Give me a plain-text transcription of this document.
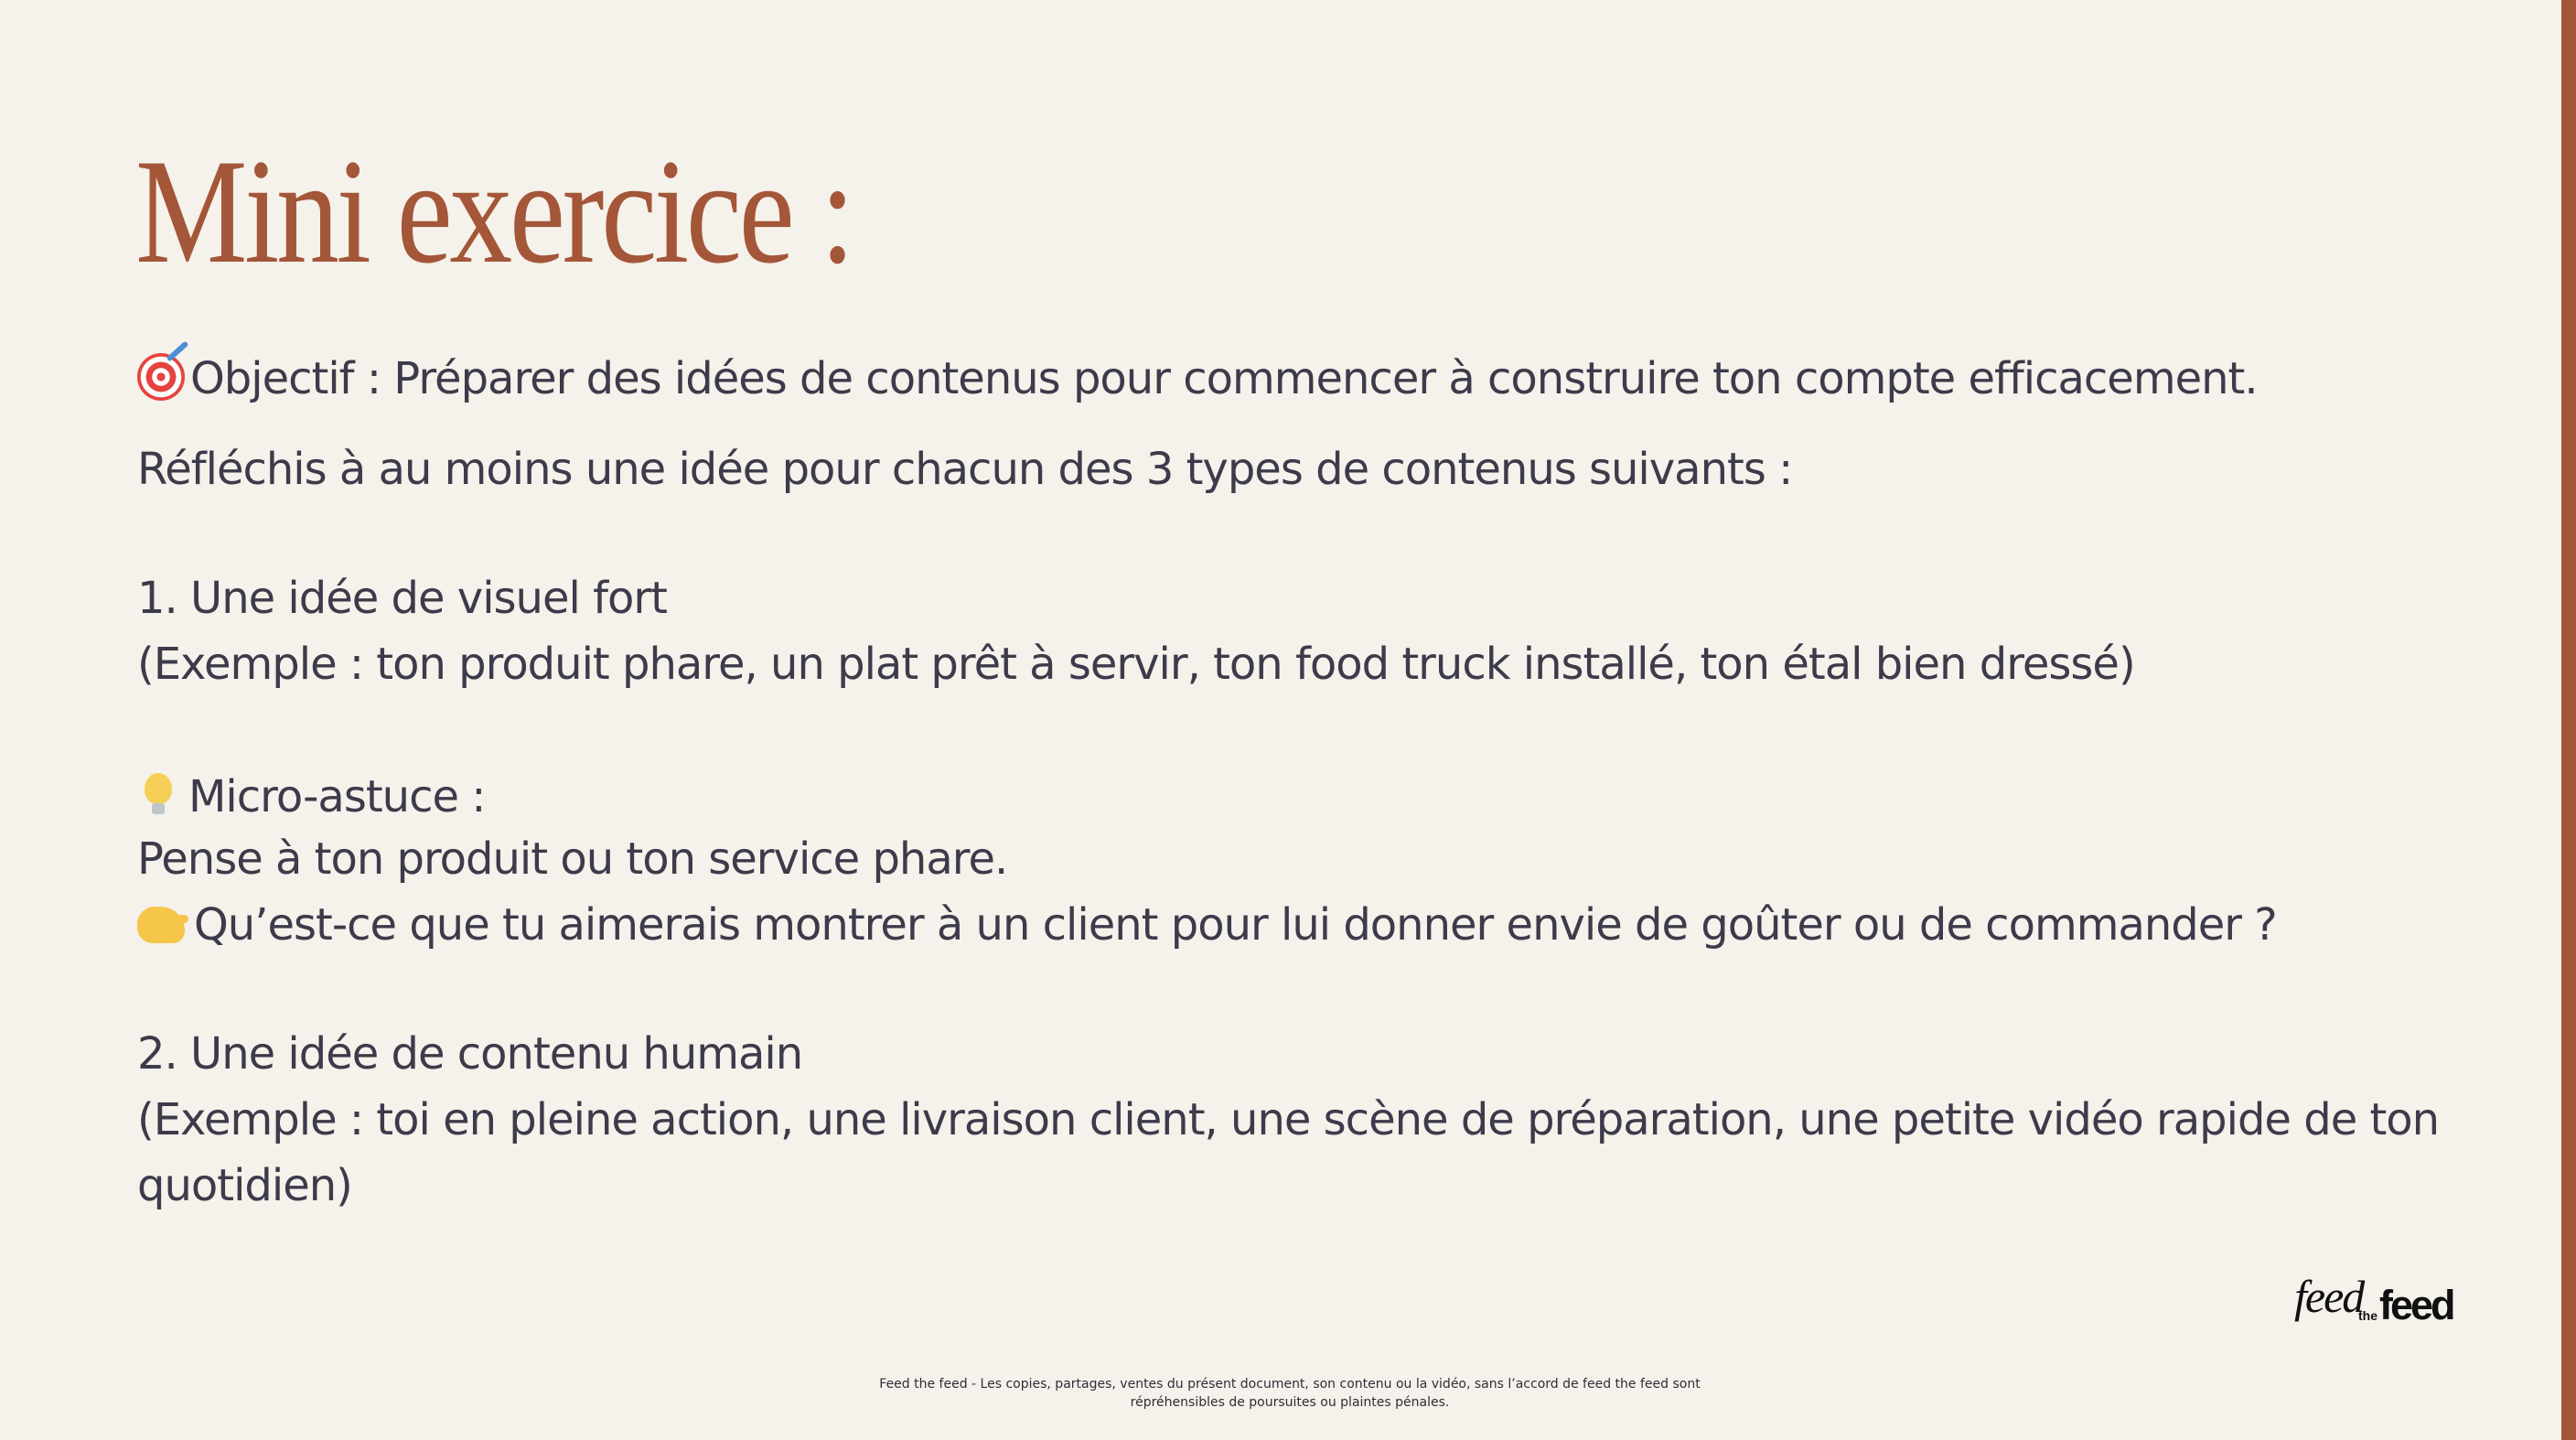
Mini exercice :
Objectif : Préparer des idées de contenus pour commencer à construire ton compte efficacement.
Réfléchis à au moins une idée pour chacun des 3 types de contenus suivants :
1. Une idée de visuel fort
(Exemple : ton produit phare, un plat prêt à servir, ton food truck installé, ton étal bien dressé)
Micro-astuce :
Pense à ton produit ou ton service phare.
Qu’est-ce que tu aimerais montrer à un client pour lui donner envie de goûter ou de commander ?
2. Une idée de contenu humain
(Exemple : toi en pleine action, une livraison client, une scène de préparation, une petite vidéo rapide de ton
quotidien)
feed
the feed
Feed the feed - Les copies, partages, ventes du présent document, son contenu ou la vidéo, sans l’accord de feed the feed sont
répréhensibles de poursuites ou plaintes pénales.
